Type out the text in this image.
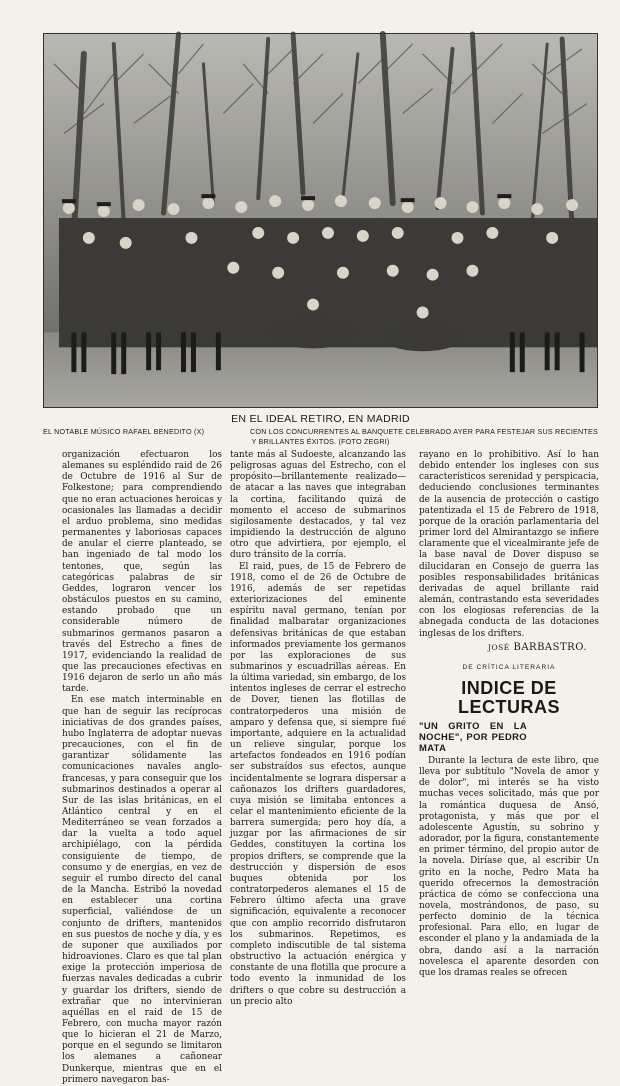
EN EL IDEAL RETIRO, EN MADRID
EL NOTABLE MÚSICO RAFAEL BENEDITO (X)	CON LOS CONCURRENTES AL BANQUETE CELEBRADO AYER PARA FESTEJAR SUS RECIENTES
Y BRILLANTES ÉXITOS. (FOTO ZEGRI)

organización efectuaron los alemanes su espléndido raid de 26 de Octubre de 1916 al Sur de Folkestone; para comprendiendo que no eran actuaciones heroicas y ocasionales las llamadas a decidir el arduo problema, sino medidas permanentes y laboriosas capaces de anular el cierre planteado, se han ingeniado de tal modo los tentones, que, según las categóricas palabras de sir Geddes, lograron vencer los obstáculos puestos en su camino, estando probado que un considerable número de submarinos germanos pasaron a través del Estrecho a fines de 1917, evidenciando la realidad de que las precauciones efectivas en 1916 dejaron de serlo un año más tarde.

En ese match interminable en que han de seguir las recíprocas iniciativas de dos grandes países, hubo Inglaterra de adoptar nuevas precauciones, con el fin de garantizar sólidamente las comunicaciones navales anglo-francesas, y para conseguir que los submarinos destinados a operar al Sur de las islas británicas, en el Atlántico central y en el Mediterráneo se vean forzados a dar la vuelta a todo aquel archipiélago, con la pérdida consiguiente de tiempo, de consumo y de energías, en vez de seguir el rumbo directo del canal de la Mancha. Estribó la novedad en establecer una cortina superficial, valiéndose de un conjunto de drifters, mantenidos en sus puestos de noche y día, y es de suponer que auxiliados por hidroaviones. Claro es que tal plan exige la protección imperiosa de fuerzas navales dedicadas a cubrir y guardar los drifters, siendo de extrañar que no intervinieran aquéllas en el raid de 15 de Febrero, con mucha mayor razón que lo hicieran el 21 de Marzo, porque en el segundo se limitaron los alemanes a cañonear Dunkerque, mientras que en el primero navegaron bas-

tante más al Sudoeste, alcanzando las peligrosas aguas del Estrecho, con el propósito—brillantemente realizado—de atacar a las naves que integraban la cortina, facilitando quizá de momento el acceso de submarinos sigilosamente destacados, y tal vez impidiendo la destrucción de alguno otro que advirtiera, por ejemplo, el duro tránsito de la corría.

El raid, pues, de 15 de Febrero de 1918, como el de 26 de Octubre de 1916, además de ser repetidas exteriorizaciones del eminente espíritu naval germano, tenían por finalidad malbaratar organizaciones defensivas británicas de que estaban informados previamente los germanos por las exploraciones de sus submarinos y escuadrillas aéreas. En la última variedad, sin embargo, de los intentos ingleses de cerrar el estrecho de Dover, tienen las flotillas de contratorpederos una misión de amparo y defensa que, si siempre fué importante, adquiere en la actualidad un relieve singular, porque los artefactos fondeados en 1916 podían ser substraídos sus efectos, aunque incidentalmente se lograra dispersar a cañonazos los drifters guardadores, cuya misión se limitaba entonces a celar el mantenimiento eficiente de la barrera sumergida; pero hoy día, a juzgar por las afirmaciones de sir Geddes, constituyen la cortina los propios drifters, se comprende que la destrucción y dispersión de esos buques obtenida por los contratorpederos alemanes el 15 de Febrero último afecta una grave significación, equivalente a reconocer que con amplio recorrido disfrutaron los submarinos. Repetimos, es completo indiscutible de tal sistema obstructivo la actuación enérgica y constante de una flotilla que procure a todo evento la inmunidad de los drifters o que cobre su destrucción a un precio alto

rayano en lo prohibitivo. Así lo han debido entender los ingleses con sus característicos serenidad y perspicacia, deduciendo conclusiones terminantes de la ausencia de protección o castigo patentizada el 15 de Febrero de 1918, porque de la oración parlamentaria del primer lord del Almirantazgo se infiere claramente que el vicealmirante jefe de la base naval de Dover dispuso se dilucidaran en Consejo de guerra las posibles responsabilidades británicas derivadas de aquel brillante raid alemán, contrastando esta severidades con los elogiosas referencias de la abnegada conducta de las dotaciones inglesas de los drifters.

JOSÉ BARBASTRO.
DE CRÍTICA LITERARIA
INDICE DE LECTURAS
"UN GRITO EN LA NOCHE", POR PEDRO MATA

Durante la lectura de este libro, que lleva por subtítulo "Novela de amor y de dolor", mi interés se ha visto muchas veces solicitado, más que por la romántica duquesa de Ansó, protagonista, y más que por el adolescente Agustín, su sobrino y adorador, por la figura, constantemente en primer término, del propio autor de la novela. Diríase que, al escribir Un grito en la noche, Pedro Mata ha querido ofrecernos la demostración práctica de cómo se confecciona una novela, mostrándonos, de paso, su perfecto dominio de la técnica profesional. Para ello, en lugar de esconder el plano y la andamiada de la obra, dando así a la narración novelesca el aparente desorden con que los dramas reales se ofrecen
